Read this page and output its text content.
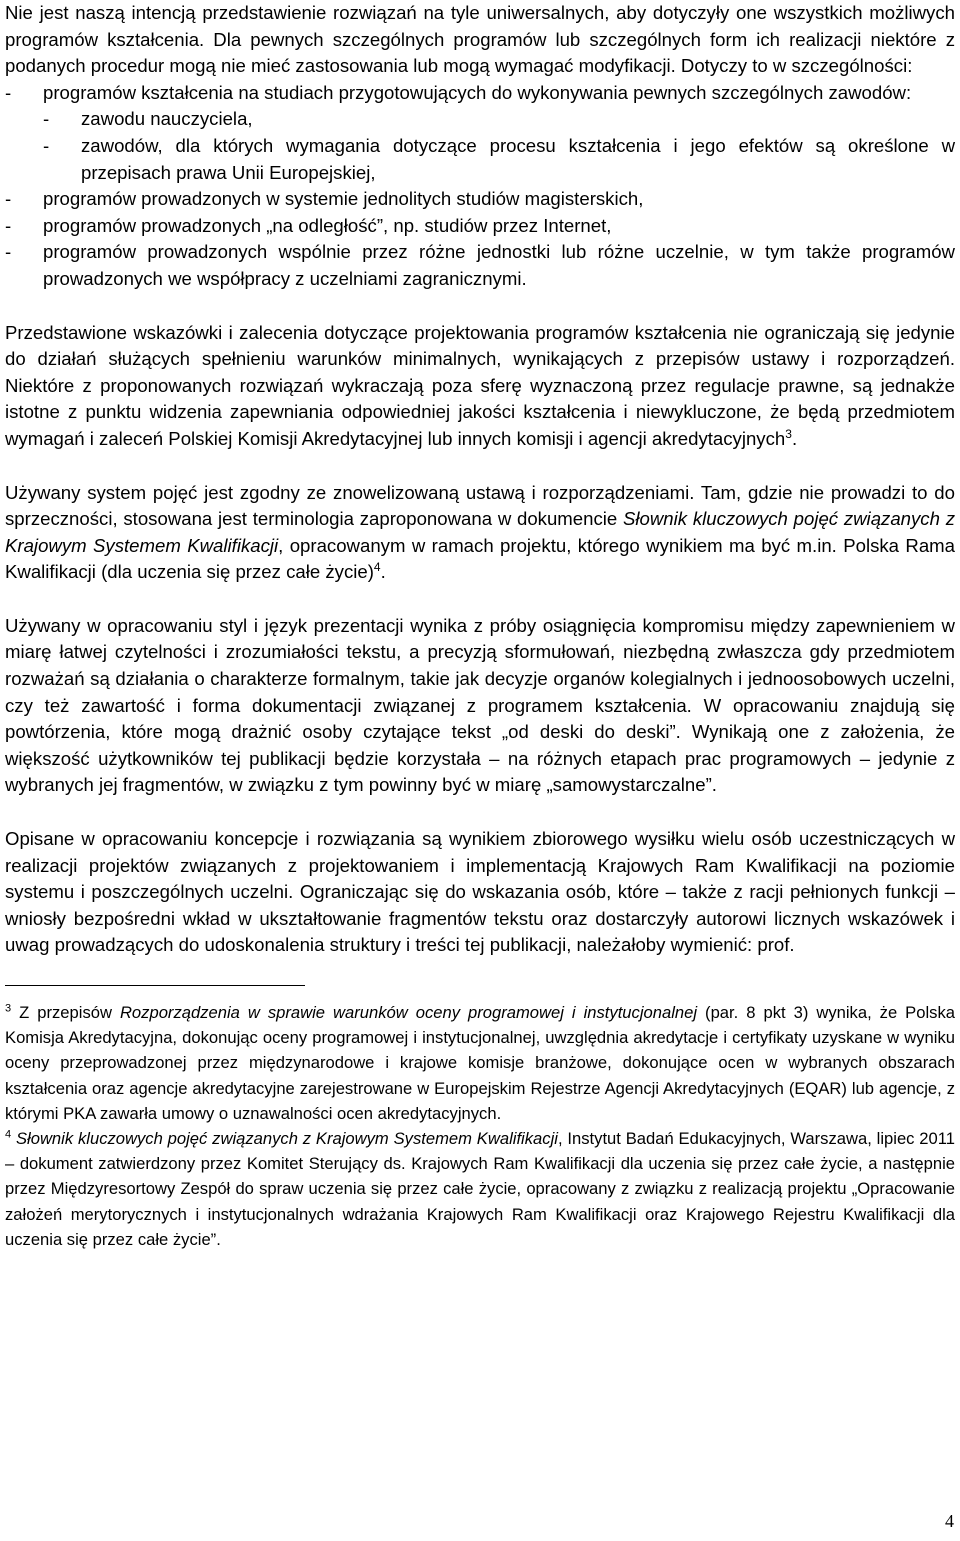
Nie jest naszą intencją przedstawienie rozwiązań na tyle uniwersalnych, aby dotyczyły one wszystkich możliwych programów kształcenia. Dla pewnych szczególnych programów lub szczególnych form ich realizacji niektóre z podanych procedur mogą nie mieć zastosowania lub mogą wymagać modyfikacji. Dotyczy to w szczególności:
- programów kształcenia na studiach przygotowujących do wykonywania pewnych szczególnych zawodów:
- zawodu nauczyciela,
- zawodów, dla których wymagania dotyczące procesu kształcenia i jego efektów są określone w przepisach prawa Unii Europejskiej,
- programów prowadzonych w systemie jednolitych studiów magisterskich,
- programów prowadzonych „na odległość”, np. studiów przez Internet,
- programów prowadzonych wspólnie przez różne jednostki lub różne uczelnie, w tym także programów prowadzonych we współpracy z uczelniami zagranicznymi.

Przedstawione wskazówki i zalecenia dotyczące projektowania programów kształcenia nie ograniczają się jedynie do działań służących spełnieniu warunków minimalnych, wynikających z przepisów ustawy i rozporządzeń. Niektóre z proponowanych rozwiązań wykraczają poza sferę wyznaczoną przez regulacje prawne, są jednakże istotne z punktu widzenia zapewniania odpowiedniej jakości kształcenia i niewykluczone, że będą przedmiotem wymagań i zaleceń Polskiej Komisji Akredytacyjnej lub innych komisji i agencji akredytacyjnych$^3$.

Używany system pojęć jest zgodny ze znowelizowaną ustawą i rozporządzeniami. Tam, gdzie nie prowadzi to do sprzeczności, stosowana jest terminologia zaproponowana w dokumencie Słownik kluczowych pojęć związanych z Krajowym Systemem Kwalifikacji, opracowanym w ramach projektu, którego wynikiem ma być m.in. Polska Rama Kwalifikacji (dla uczenia się przez całe życie)$^4$.

Używany w opracowaniu styl i język prezentacji wynika z próby osiągnięcia kompromisu między zapewnieniem w miarę łatwej czytelności i zrozumiałości tekstu, a precyzją sformułowań, niezbędną zwłaszcza gdy przedmiotem rozważań są działania o charakterze formalnym, takie jak decyzje organów kolegialnych i jednoosobowych uczelni, czy też zawartość i forma dokumentacji związanej z programem kształcenia. W opracowaniu znajdują się powtórzenia, które mogą drażnić osoby czytające tekst „od deski do deski”. Wynikają one z założenia, że większość użytkowników tej publikacji będzie korzystała – na różnych etapach prac programowych – jedynie z wybranych jej fragmentów, w związku z tym powinny być w miarę „samowystarczalne”.

Opisane w opracowaniu koncepcje i rozwiązania są wynikiem zbiorowego wysiłku wielu osób uczestniczących w realizacji projektów związanych z projektowaniem i implementacją Krajowych Ram Kwalifikacji na poziomie systemu i poszczególnych uczelni. Ograniczając się do wskazania osób, które – także z racji pełnionych funkcji – wniosły bezpośredni wkład w ukształtowanie fragmentów tekstu oraz dostarczyły autorowi licznych wskazówek i uwag prowadzących do udoskonalenia struktury i treści tej publikacji, należałoby wymienić: prof.

$^3$ Z przepisów Rozporządzenia w sprawie warunków oceny programowej i instytucjonalnej (par. 8 pkt 3) wynika, że Polska Komisja Akredytacyjna, dokonując oceny programowej i instytucjonalnej, uwzględnia akredytacje i certyfikaty uzyskane w wyniku oceny przeprowadzonej przez międzynarodowe i krajowe komisje branżowe, dokonujące ocen w wybranych obszarach kształcenia oraz agencje akredytacyjne zarejestrowane w Europejskim Rejestrze Agencji Akredytacyjnych (EQAR) lub agencje, z którymi PKA zawarła umowy o uznawalności ocen akredytacyjnych.

$^4$ Słownik kluczowych pojęć związanych z Krajowym Systemem Kwalifikacji, Instytut Badań Edukacyjnych, Warszawa, lipiec 2011 – dokument zatwierdzony przez Komitet Sterujący ds. Krajowych Ram Kwalifikacji dla uczenia się przez całe życie, a następnie przez Międzyresortowy Zespół do spraw uczenia się przez całe życie, opracowany z związku z realizacją projektu „Opracowanie założeń merytorycznych i instytucjonalnych wdrażania Krajowych Ram Kwalifikacji oraz Krajowego Rejestru Kwalifikacji dla uczenia się przez całe życie”.

4
